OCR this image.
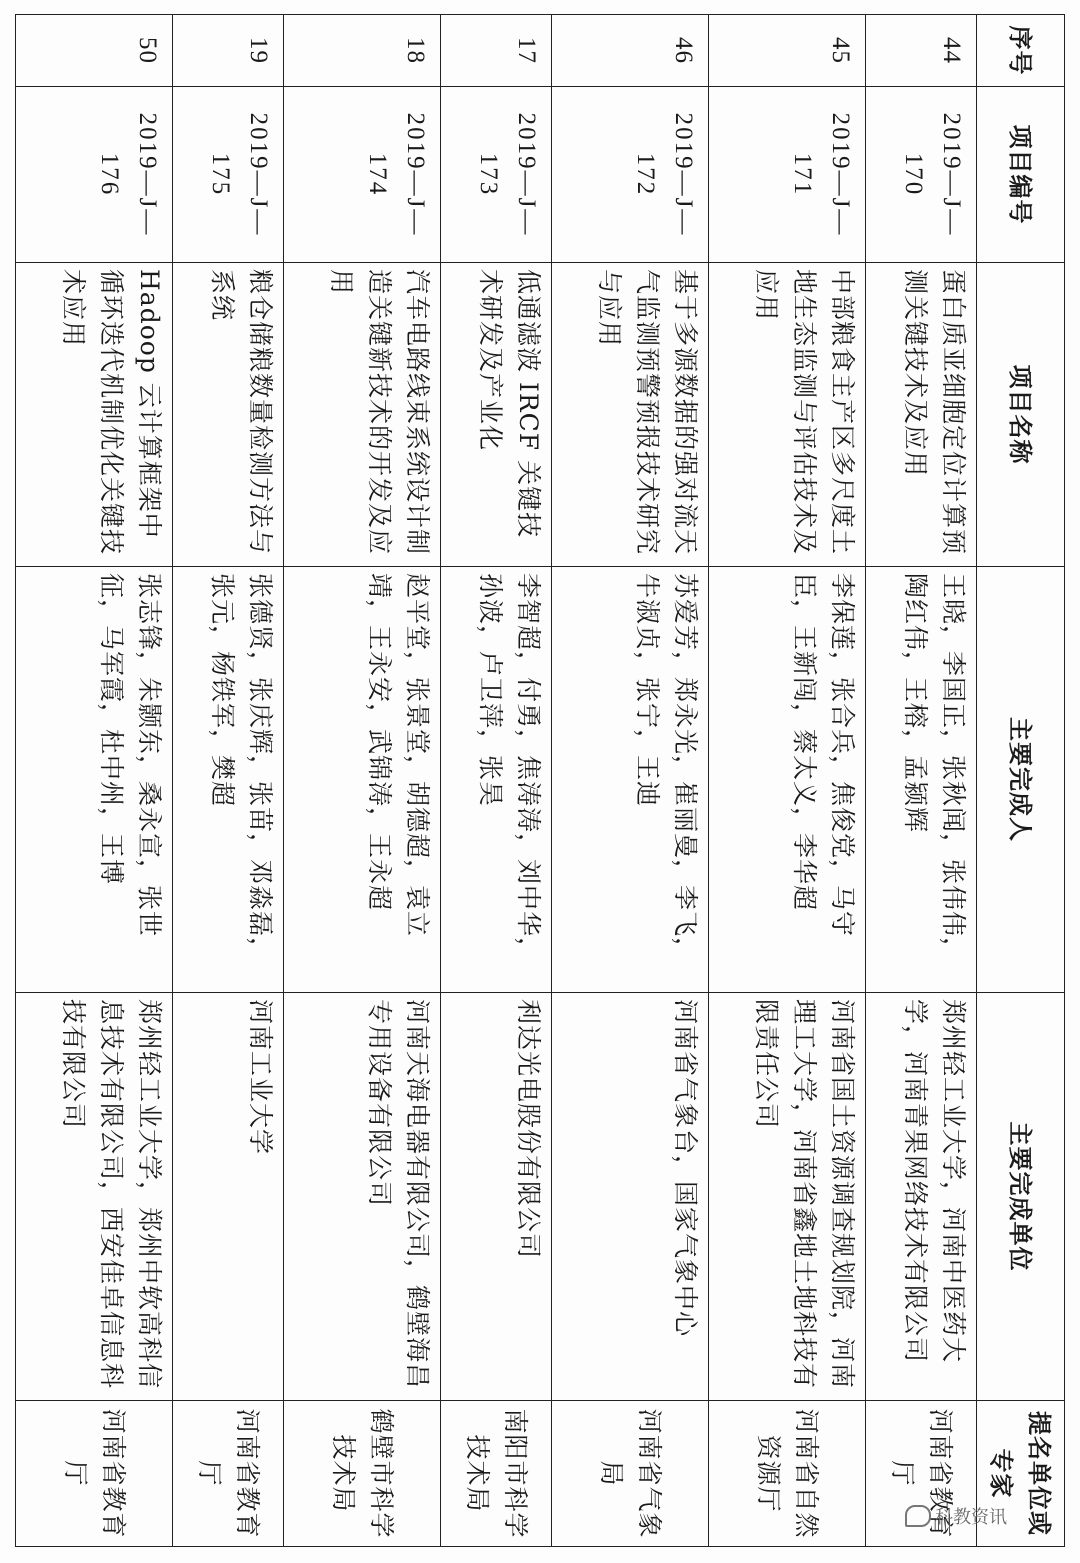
序号	项目编号	项目名称	主要完成人	主要完成单位	提名单位或专家
44	2019—J—170	蛋白质亚细胞定位计算预测关键技术及应用	王晓，李国正，张秋闻，张伟伟，陶红伟，王榕，孟颍辉	郑州轻工业大学，河南中医药大学，河南青果网络技术有限公司	河南省教育厅
45	2019—J—171	中部粮食主产区多尺度土地生态监测与评估技术及应用	李保莲，张合兵，焦俊党，马守臣，王新闯，蔡太义，李华超	河南省国土资源调查规划院，河南理工大学，河南省鑫地土地科技有限责任公司	河南省自然资源厅
46	2019—J—172	基于多源数据的强对流天气监测预警预报技术研究与应用	苏爱芳，郑永光，崔丽曼，李飞，牛淑贞，张宁，王迪	河南省气象台，国家气象中心	河南省气象局
17	2019—J—173	低通滤波 IRCF 关键技术研发及产业化	李智超，付勇，焦涛涛，刘中华，孙波，卢卫萍，张昊	利达光电股份有限公司	南阳市科学技术局
18	2019—J—174	汽车电路线束系统设计制造关键新技术的开发及应用	赵平堂，张景堂，胡德超，袁立靖，王永安，武锦涛，王永超	河南天海电器有限公司，鹤壁海昌专用设备有限公司	鹤壁市科学技术局
19	2019—J—175	粮仓储粮数量检测方法与系统	张德贤，张庆辉，张苗，邓淼磊，张元，杨铁军，樊超	河南工业大学	河南省教育厅
50	2019—J—176	Hadoop 云计算框架中循环迭代机制优化关键技术应用	张志锋，朱颢东，桑永宣，张世征，马军霞，杜中州，王博	郑州轻工业大学，郑州中软高科信息技术有限公司，西安佳卓信息科技有限公司	河南省教育厅
科教资讯
